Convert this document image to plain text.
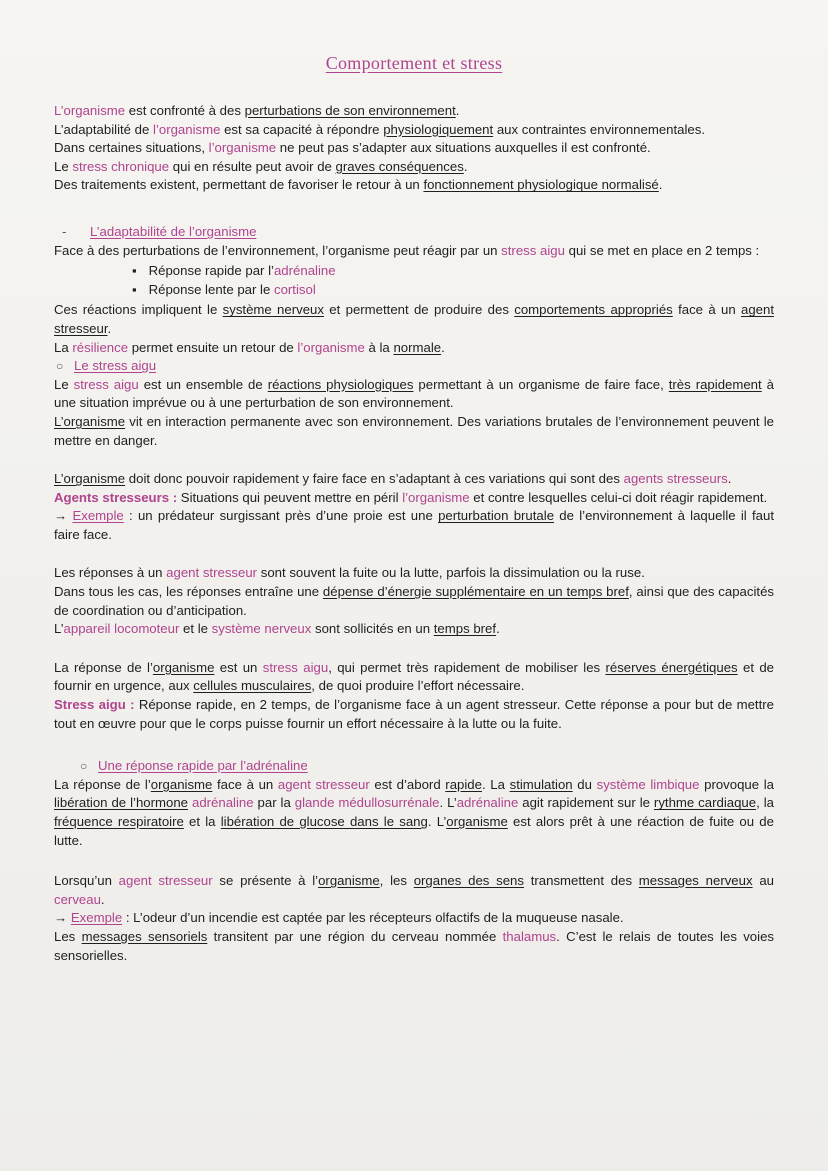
Comportement et stress

L’organisme est confronté à des perturbations de son environnement.

L’adaptabilité de l’organisme est sa capacité à répondre physiologiquement aux contraintes environnementales.

Dans certaines situations, l’organisme ne peut pas s’adapter aux situations auxquelles il est confronté.

Le stress chronique qui en résulte peut avoir de graves conséquences.

Des traitements existent, permettant de favoriser le retour à un fonctionnement physiologique normalisé.

- L’adaptabilité de l’organisme

Face à des perturbations de l’environnement, l’organisme peut réagir par un stress aigu qui se met en place en 2 temps :

▪ Réponse rapide par l’adrénaline
▪ Réponse lente par le cortisol

Ces réactions impliquent le système nerveux et permettent de produire des comportements appropriés face à un agent stresseur.

La résilience permet ensuite un retour de l’organisme à la normale.

○ Le stress aigu

Le stress aigu est un ensemble de réactions physiologiques permettant à un organisme de faire face, très rapidement à une situation imprévue ou à une perturbation de son environnement.

L’organisme vit en interaction permanente avec son environnement. Des variations brutales de l’environnement peuvent le mettre en danger.

L’organisme doit donc pouvoir rapidement y faire face en s’adaptant à ces variations qui sont des agents stresseurs.

Agents stresseurs : Situations qui peuvent mettre en péril l’organisme et contre lesquelles celui-ci doit réagir rapidement.

→ Exemple : un prédateur surgissant près d’une proie est une perturbation brutale de l’environnement à laquelle il faut faire face.

Les réponses à un agent stresseur sont souvent la fuite ou la lutte, parfois la dissimulation ou la ruse.

Dans tous les cas, les réponses entraîne une dépense d’énergie supplémentaire en un temps bref, ainsi que des capacités de coordination ou d’anticipation.

L’appareil locomoteur et le système nerveux sont sollicités en un temps bref.

La réponse de l’organisme est un stress aigu, qui permet très rapidement de mobiliser les réserves énergétiques et de fournir en urgence, aux cellules musculaires, de quoi produire l’effort nécessaire.

Stress aigu : Réponse rapide, en 2 temps, de l’organisme face à un agent stresseur. Cette réponse a pour but de mettre tout en œuvre pour que le corps puisse fournir un effort nécessaire à la lutte ou la fuite.

○ Une réponse rapide par l’adrénaline

La réponse de l’organisme face à un agent stresseur est d’abord rapide. La stimulation du système limbique provoque la libération de l’hormone adrénaline par la glande médullosurrénale. L’adrénaline agit rapidement sur le rythme cardiaque, la fréquence respiratoire et la libération de glucose dans le sang. L’organisme est alors prêt à une réaction de fuite ou de lutte.

Lorsqu’un agent stresseur se présente à l’organisme, les organes des sens transmettent des messages nerveux au cerveau.

→ Exemple : L’odeur d’un incendie est captée par les récepteurs olfactifs de la muqueuse nasale.

Les messages sensoriels transitent par une région du cerveau nommée thalamus. C’est le relais de toutes les voies sensorielles.
